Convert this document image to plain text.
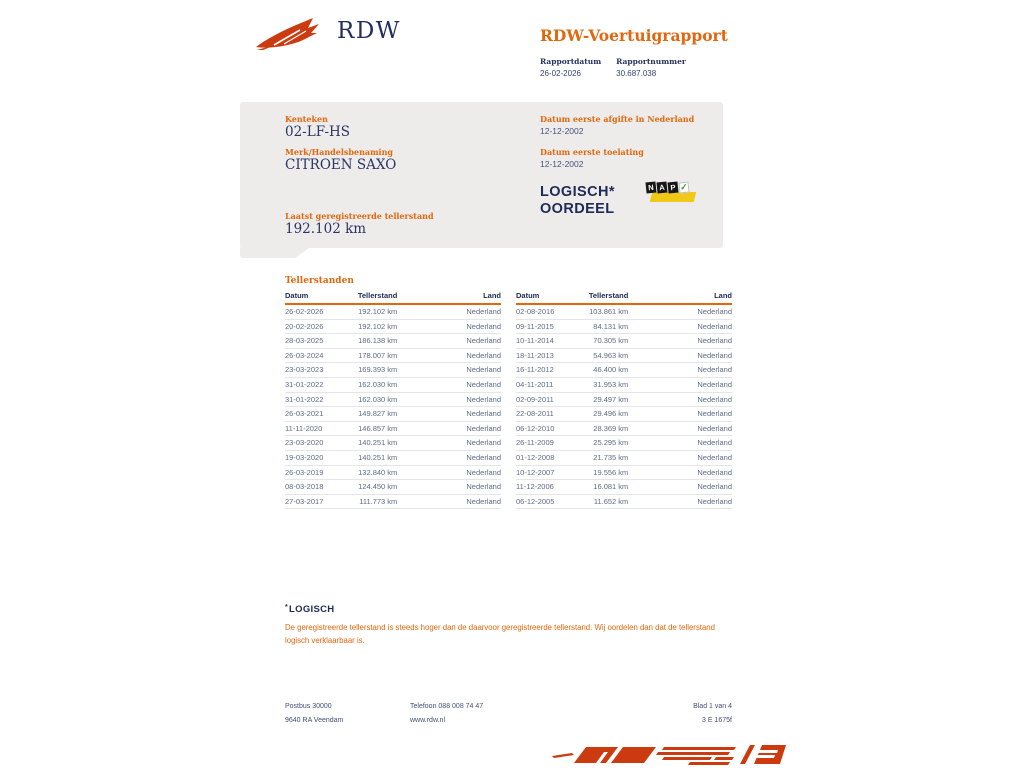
RDW	RDW-Voertuigrapport
Rapportdatum
26-02-2026
Rapportnummer
30.687.038
Kenteken
02-LF-HS
Merk/Handelsbenaming
CITROEN SAXO
Laatst geregistreerde tellerstand
192.102 km
Datum eerste afgifte in Nederland
12-12-2002
Datum eerste toelating
12-12-2002
LOGISCH*
OORDEEL
N A P ✓
Tellerstanden
Datum	Tellerstand	Land
26-02-2026	192.102 km	Nederland
20-02-2026	192.102 km	Nederland
28-03-2025	186.138 km	Nederland
26-03-2024	178.007 km	Nederland
23-03-2023	169.393 km	Nederland
31-01-2022	162.030 km	Nederland
31-01-2022	162.030 km	Nederland
26-03-2021	149.827 km	Nederland
11-11-2020	146.857 km	Nederland
23-03-2020	140.251 km	Nederland
19-03-2020	140.251 km	Nederland
26-03-2019	132.840 km	Nederland
08-03-2018	124.450 km	Nederland
27-03-2017	111.773 km	Nederland
Datum	Tellerstand	Land
02-08-2016	103.861 km	Nederland
09-11-2015	84.131 km	Nederland
10-11-2014	70.305 km	Nederland
18-11-2013	54.963 km	Nederland
16-11-2012	46.400 km	Nederland
04-11-2011	31.953 km	Nederland
02-09-2011	29.497 km	Nederland
22-08-2011	29.496 km	Nederland
06-12-2010	28.369 km	Nederland
26-11-2009	25.295 km	Nederland
01-12-2008	21.735 km	Nederland
10-12-2007	19.556 km	Nederland
11-12-2006	16.081 km	Nederland
06-12-2005	11.652 km	Nederland
*LOGISCH
De geregistreerde tellerstand is steeds hoger dan de daarvoor geregistreerde tellerstand. Wij oordelen dan dat de tellerstand logisch verklaarbaar is.
Postbus 30000
9640 RA Veendam
Telefoon 088 008 74 47
www.rdw.nl
Blad 1 van 4
3 E 1675f
